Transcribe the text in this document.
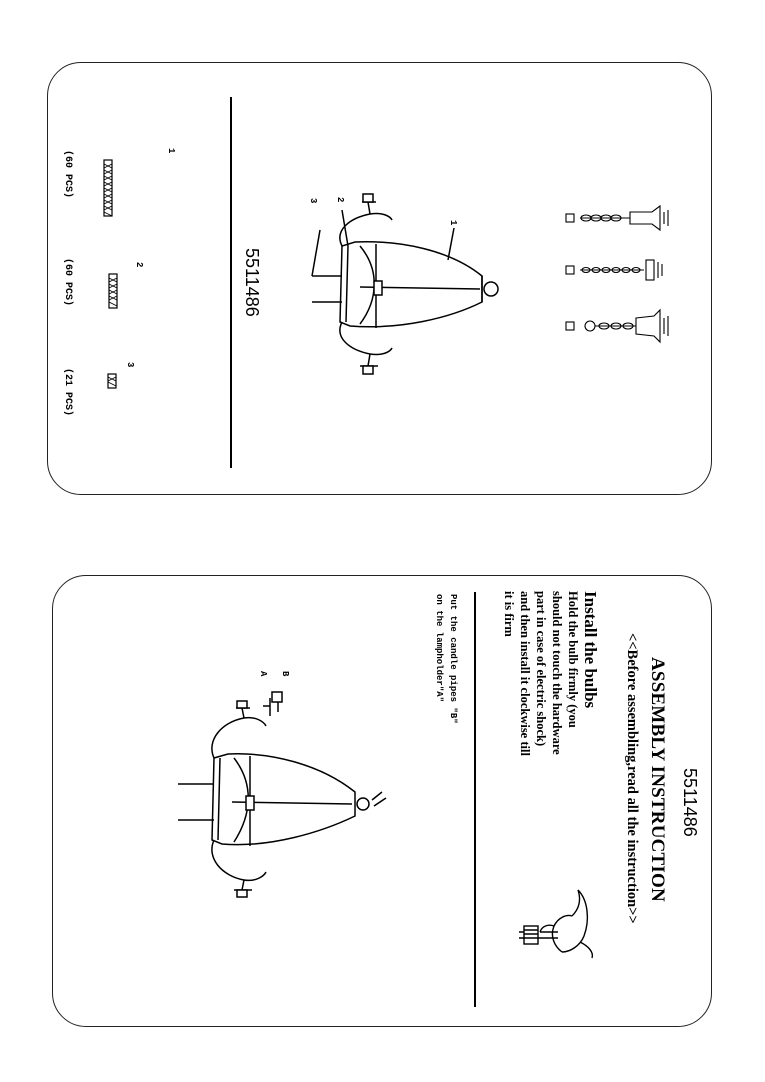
1
2
3
(60 PCS)
(60 PCS)
(21 PCS)
5511486
1
2
3
5511486
ASSEMBLY INSTRUCTION
<<Before assembling,read all the instruction>>
Install the bulbs
Hold the bulb firmly (you
should not touch the hardware
part in case of electric shock)
and then install it clockwise till
it is firm
Put the candle pipes "B"
on the lampholder"A"
A B
